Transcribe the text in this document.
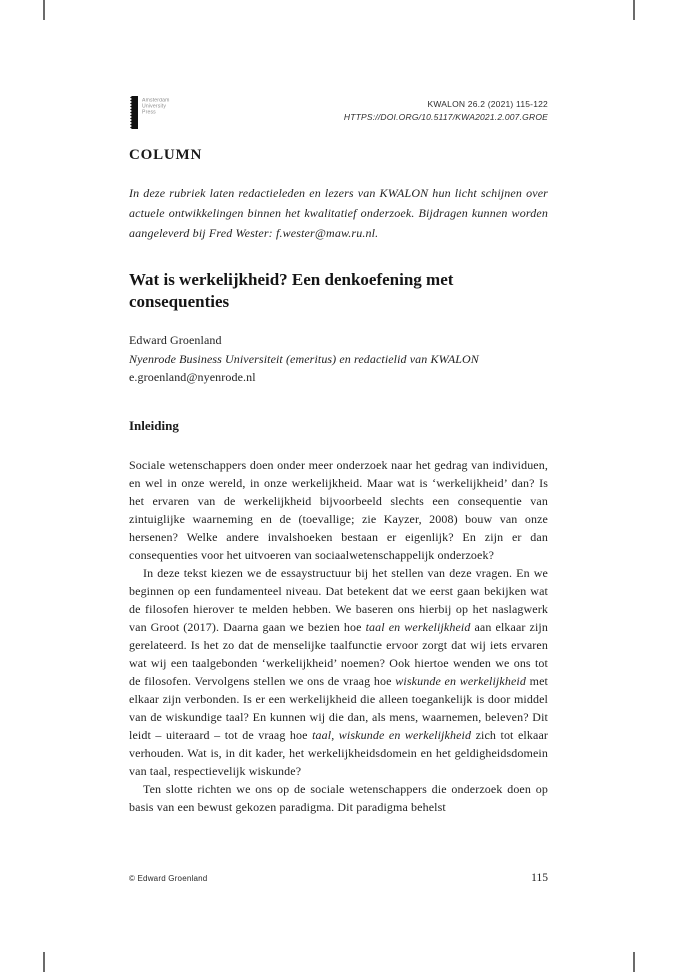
Amsterdam
University
Press
KWALON 26.2 (2021) 115-122
HTTPS://DOI.ORG/10.5117/KWA2021.2.007.GROE
COLUMN

In deze rubriek laten redactieleden en lezers van KWALON hun licht schijnen over actuele ontwikkelingen binnen het kwalitatief onderzoek. Bijdragen kunnen worden aangeleverd bij Fred Wester: f.wester@maw.ru.nl.

Wat is werkelijkheid? Een denkoefening met consequenties
Edward Groenland
Nyenrode Business Universiteit (emeritus) en redactielid van KWALON
e.groenland@nyenrode.nl
Inleiding

Sociale wetenschappers doen onder meer onderzoek naar het gedrag van individuen, en wel in onze wereld, in onze werkelijkheid. Maar wat is ‘werkelijkheid’ dan? Is het ervaren van de werkelijkheid bijvoorbeeld slechts een consequentie van zintuiglijke waarneming en de (toevallige; zie Kayzer, 2008) bouw van onze hersenen? Welke andere invalshoeken bestaan er eigenlijk? En zijn er dan consequenties voor het uitvoeren van sociaalwetenschappelijk onderzoek?

In deze tekst kiezen we de essaystructuur bij het stellen van deze vragen. En we beginnen op een fundamenteel niveau. Dat betekent dat we eerst gaan bekijken wat de filosofen hierover te melden hebben. We baseren ons hierbij op het naslagwerk van Groot (2017). Daarna gaan we bezien hoe taal en werkelijkheid aan elkaar zijn gerelateerd. Is het zo dat de menselijke taalfunctie ervoor zorgt dat wij iets ervaren wat wij een taalgebonden ‘werkelijkheid’ noemen? Ook hiertoe wenden we ons tot de filosofen. Vervolgens stellen we ons de vraag hoe wiskunde en werkelijkheid met elkaar zijn verbonden. Is er een werkelijkheid die alleen toegankelijk is door middel van de wiskundige taal? En kunnen wij die dan, als mens, waarnemen, beleven? Dit leidt – uiteraard – tot de vraag hoe taal, wiskunde en werkelijkheid zich tot elkaar verhouden. Wat is, in dit kader, het werkelijkheidsdomein en het geldigheidsdomein van taal, respectievelijk wiskunde?

Ten slotte richten we ons op de sociale wetenschappers die onderzoek doen op basis van een bewust gekozen paradigma. Dit paradigma behelst

© Edward Groenland	115
